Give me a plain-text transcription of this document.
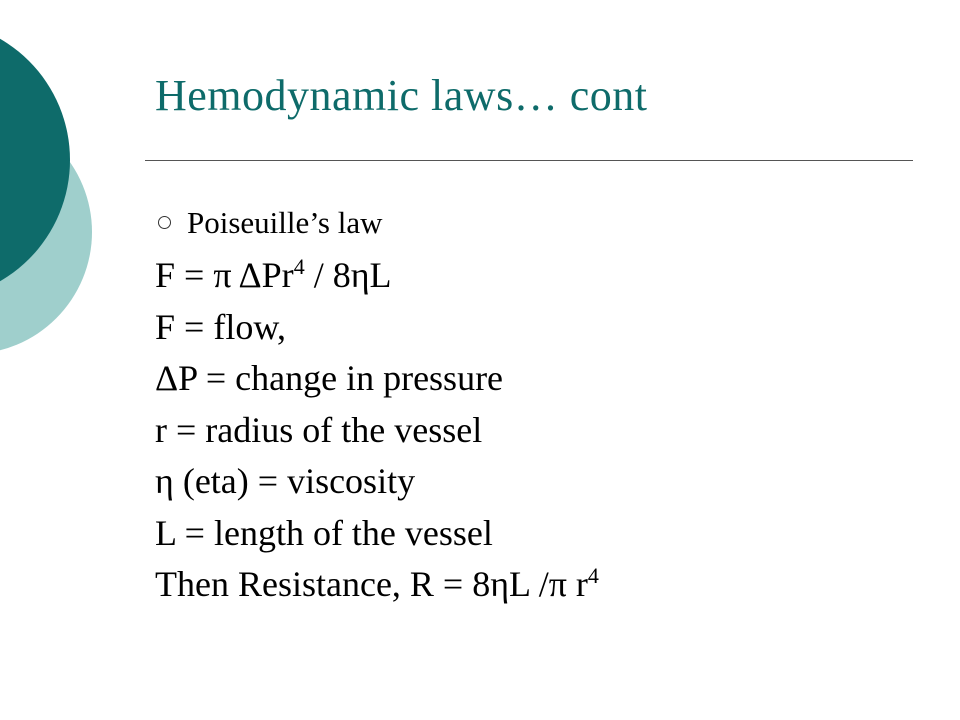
Hemodynamic laws… cont
Poiseuille’s law
F = π ΔPr$^4$ / 8ηL
F = flow,
ΔP = change in pressure
r = radius of the vessel
η (eta) = viscosity
L = length of the vessel
Then Resistance, R = 8ηL /π $r^4$
